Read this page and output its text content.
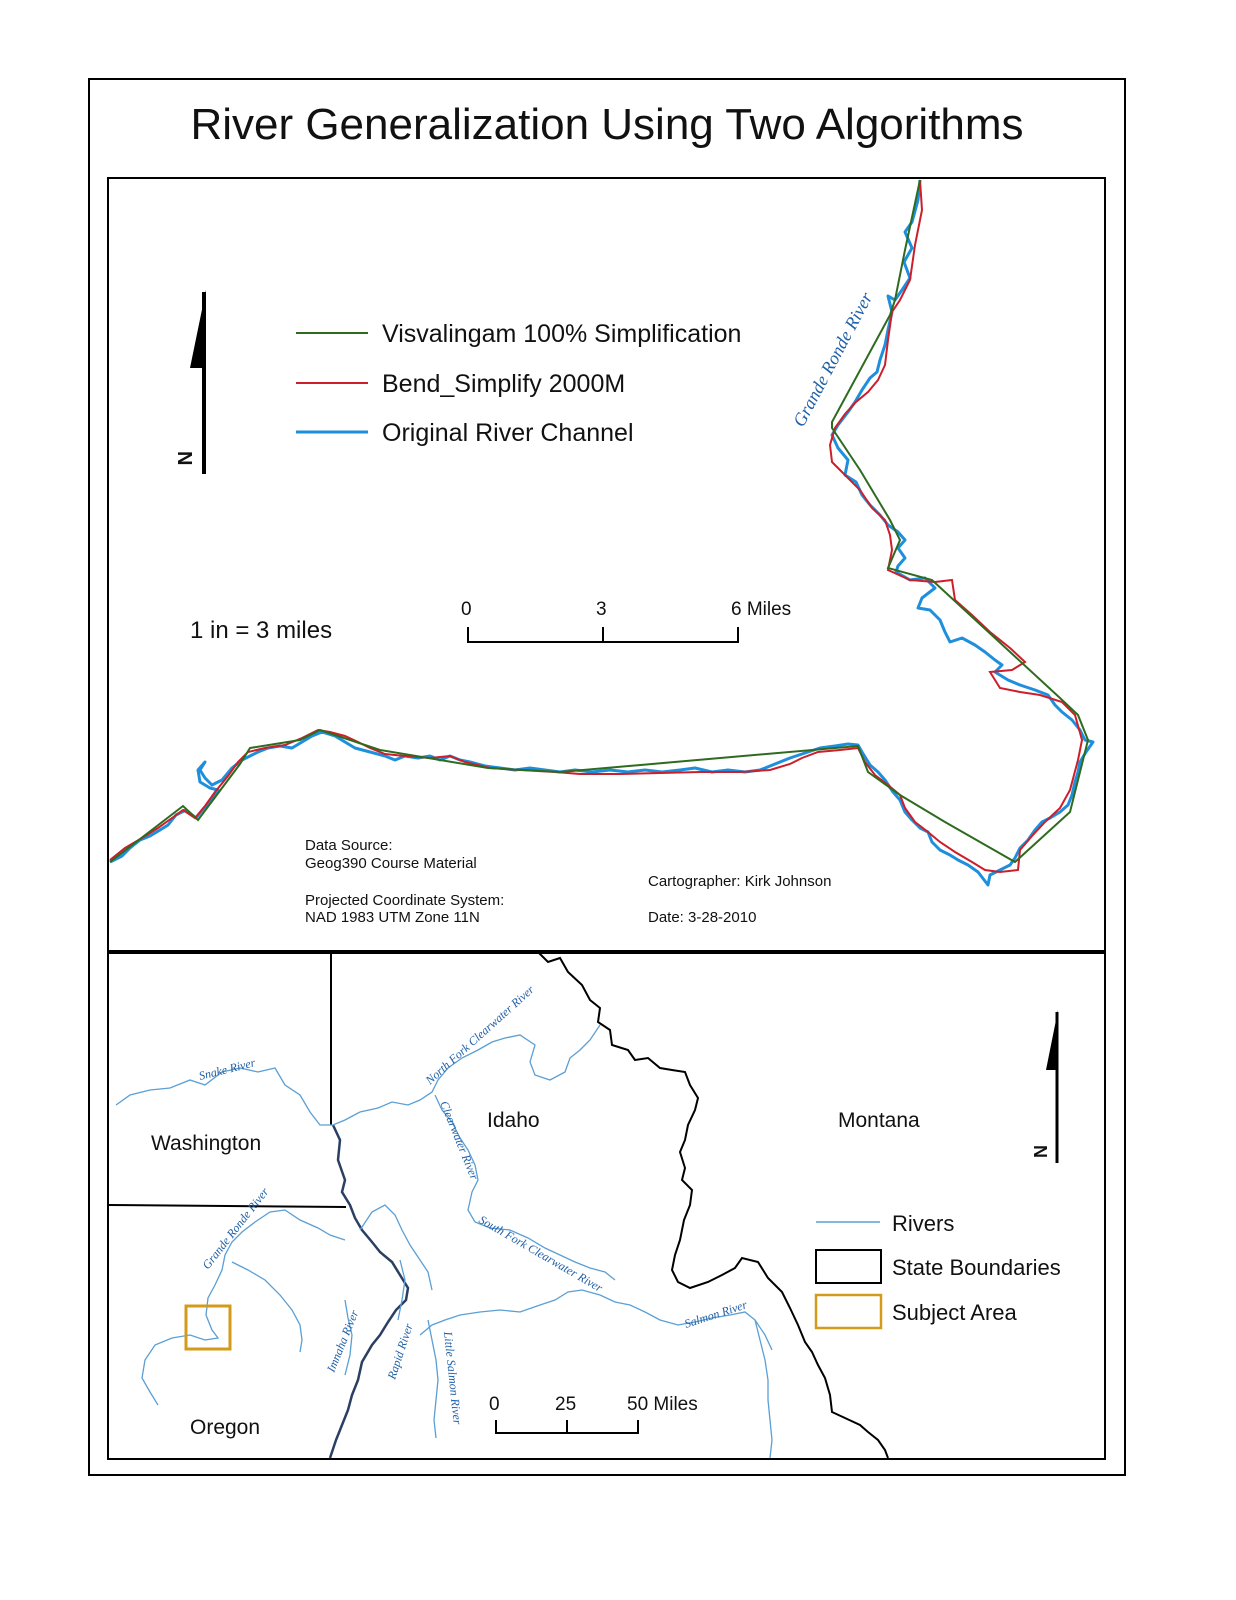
River Generalization Using Two Algorithms
Grande Ronde River
N
Visvalingam 100% Simplification
Bend_Simplify 2000M
Original River Channel
1 in = 3 miles
0	3	6 Miles
Data Source:
Geog390 Course Material
Projected Coordinate System:
NAD 1983 UTM Zone 11N
Cartographer: Kirk Johnson
Date: 3-28-2010
Snake River	North Fork Clearwater River
Clearwater River
South Fork Clearwater River
Grande Ronde River
Imnaha River Rapid River Little Salmon River
Salmon River
Washington
Idaho	Montana
Oregon
N
Rivers
State Boundaries
Subject Area
0	25	50 Miles
